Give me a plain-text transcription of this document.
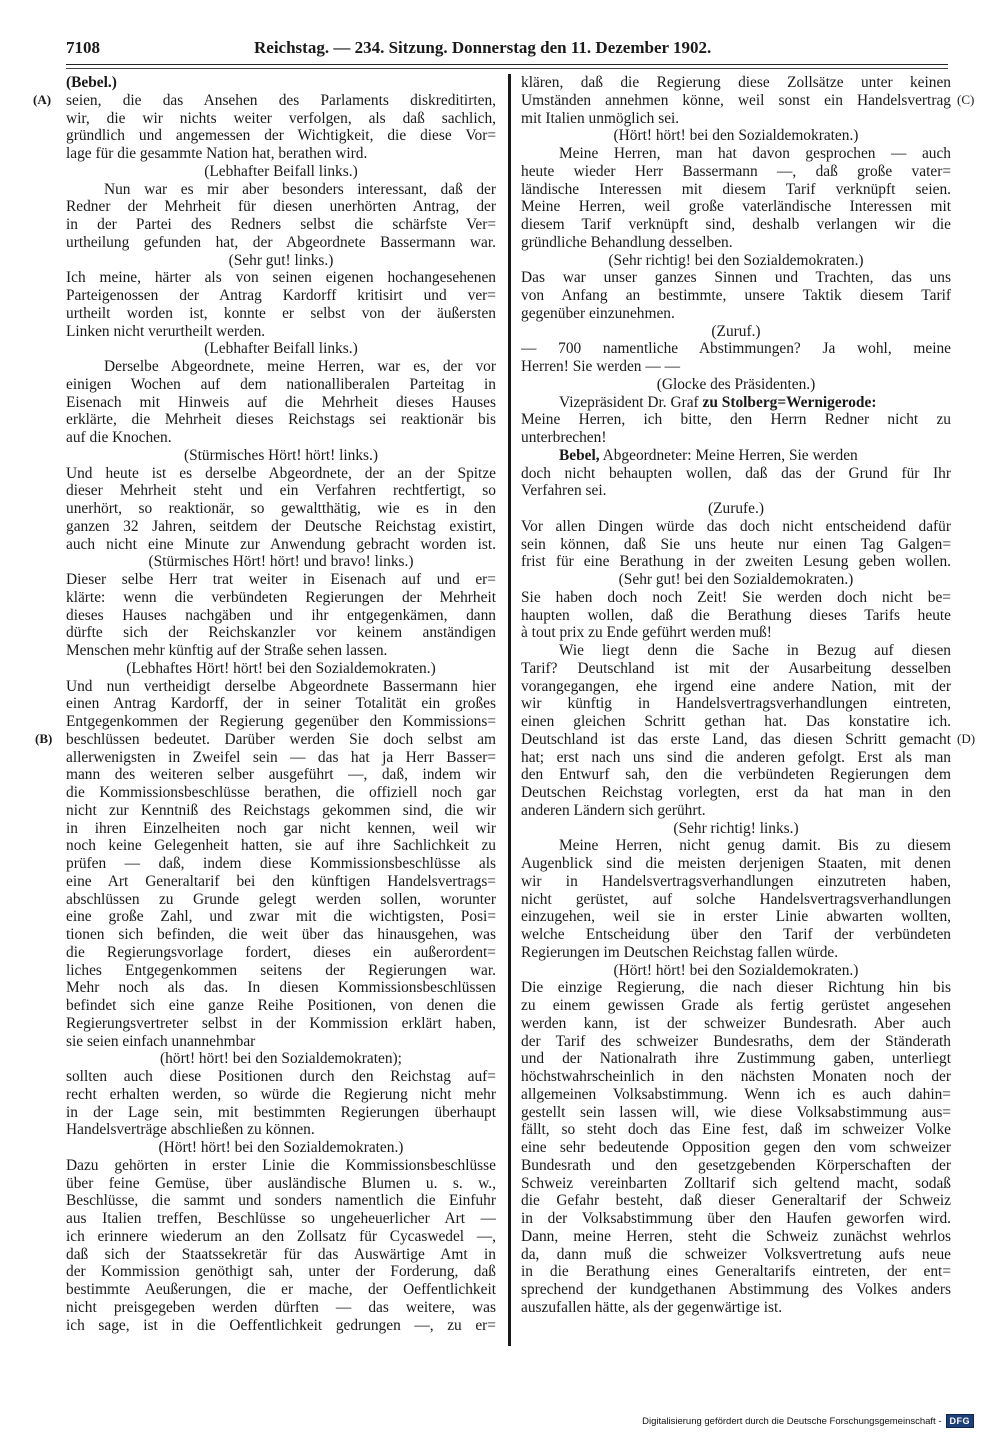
7108	Reichstag. — 234. Sitzung. Donnerstag den 11. Dezember 1902.
(Bebel.)
seien, die das Ansehen des Parlaments diskreditirten,
wir, die wir nichts weiter verfolgen, als daß sachlich,
gründlich und angemessen der Wichtigkeit, die diese Vor=
lage für die gesammte Nation hat, berathen wird.
(Lebhafter Beifall links.)
Nun war es mir aber besonders interessant, daß der
Redner der Mehrheit für diesen unerhörten Antrag, der
in der Partei des Redners selbst die schärfste Ver=
urtheilung gefunden hat, der Abgeordnete Bassermann war.
(Sehr gut! links.)
Ich meine, härter als von seinen eigenen hochangesehenen
Parteigenossen der Antrag Kardorff kritisirt und ver=
urtheilt worden ist, konnte er selbst von der äußersten
Linken nicht verurtheilt werden.
(Lebhafter Beifall links.)
Derselbe Abgeordnete, meine Herren, war es, der vor
einigen Wochen auf dem nationalliberalen Parteitag in
Eisenach mit Hinweis auf die Mehrheit dieses Hauses
erklärte, die Mehrheit dieses Reichstags sei reaktionär bis
auf die Knochen.
(Stürmisches Hört! hört! links.)
Und heute ist es derselbe Abgeordnete, der an der Spitze
dieser Mehrheit steht und ein Verfahren rechtfertigt, so
unerhört, so reaktionär, so gewaltthätig, wie es in den
ganzen 32 Jahren, seitdem der Deutsche Reichstag existirt,
auch nicht eine Minute zur Anwendung gebracht worden ist.
(Stürmisches Hört! hört! und bravo! links.)
Dieser selbe Herr trat weiter in Eisenach auf und er=
klärte: wenn die verbündeten Regierungen der Mehrheit
dieses Hauses nachgäben und ihr entgegenkämen, dann
dürfte sich der Reichskanzler vor keinem anständigen
Menschen mehr künftig auf der Straße sehen lassen.
(Lebhaftes Hört! hört! bei den Sozialdemokraten.)
Und nun vertheidigt derselbe Abgeordnete Bassermann hier
einen Antrag Kardorff, der in seiner Totalität ein großes
Entgegenkommen der Regierung gegenüber den Kommissions=
beschlüssen bedeutet. Darüber werden Sie doch selbst am
allerwenigsten in Zweifel sein — das hat ja Herr Basser=
mann des weiteren selber ausgeführt —, daß, indem wir
die Kommissionsbeschlüsse berathen, die offiziell noch gar
nicht zur Kenntniß des Reichstags gekommen sind, die wir
in ihren Einzelheiten noch gar nicht kennen, weil wir
noch keine Gelegenheit hatten, sie auf ihre Sachlichkeit zu
prüfen — daß, indem diese Kommissionsbeschlüsse als
eine Art Generaltarif bei den künftigen Handelsvertrags=
abschlüssen zu Grunde gelegt werden sollen, worunter
eine große Zahl, und zwar mit die wichtigsten, Posi=
tionen sich befinden, die weit über das hinausgehen, was
die Regierungsvorlage fordert, dieses ein außerordent=
liches Entgegenkommen seitens der Regierungen war.
Mehr noch als das. In diesen Kommissionsbeschlüssen
befindet sich eine ganze Reihe Positionen, von denen die
Regierungsvertreter selbst in der Kommission erklärt haben,
sie seien einfach unannehmbar
(hört! hört! bei den Sozialdemokraten);
sollten auch diese Positionen durch den Reichstag auf=
recht erhalten werden, so würde die Regierung nicht mehr
in der Lage sein, mit bestimmten Regierungen überhaupt
Handelsverträge abschließen zu können.
(Hört! hört! bei den Sozialdemokraten.)
Dazu gehörten in erster Linie die Kommissionsbeschlüsse
über feine Gemüse, über ausländische Blumen u. s. w.,
Beschlüsse, die sammt und sonders namentlich die Einfuhr
aus Italien treffen, Beschlüsse so ungeheuerlicher Art —
ich erinnere wiederum an den Zollsatz für Cycaswedel —,
daß sich der Staatssekretär für das Auswärtige Amt in
der Kommission genöthigt sah, unter der Forderung, daß
bestimmte Aeußerungen, die er mache, der Oeffentlichkeit
nicht preisgegeben werden dürften — das weitere, was
ich sage, ist in die Oeffentlichkeit gedrungen —, zu er=
klären, daß die Regierung diese Zollsätze unter keinen
Umständen annehmen könne, weil sonst ein Handelsvertrag
mit Italien unmöglich sei.
(Hört! hört! bei den Sozialdemokraten.)
Meine Herren, man hat davon gesprochen — auch
heute wieder Herr Bassermann —, daß große vater=
ländische Interessen mit diesem Tarif verknüpft seien.
Meine Herren, weil große vaterländische Interessen mit
diesem Tarif verknüpft sind, deshalb verlangen wir die
gründliche Behandlung desselben.
(Sehr richtig! bei den Sozialdemokraten.)
Das war unser ganzes Sinnen und Trachten, das uns
von Anfang an bestimmte, unsere Taktik diesem Tarif
gegenüber einzunehmen.
(Zuruf.)
— 700 namentliche Abstimmungen? Ja wohl, meine
Herren! Sie werden — —
(Glocke des Präsidenten.)
Vizepräsident Dr. Graf zu Stolberg=Wernigerode:
Meine Herren, ich bitte, den Herrn Redner nicht zu
unterbrechen!
Bebel, Abgeordneter: Meine Herren, Sie werden
doch nicht behaupten wollen, daß das der Grund für Ihr
Verfahren sei.
(Zurufe.)
Vor allen Dingen würde das doch nicht entscheidend dafür
sein können, daß Sie uns heute nur einen Tag Galgen=
frist für eine Berathung in der zweiten Lesung geben wollen.
(Sehr gut! bei den Sozialdemokraten.)
Sie haben doch noch Zeit! Sie werden doch nicht be=
haupten wollen, daß die Berathung dieses Tarifs heute
à tout prix zu Ende geführt werden muß!
Wie liegt denn die Sache in Bezug auf diesen
Tarif? Deutschland ist mit der Ausarbeitung desselben
vorangegangen, ehe irgend eine andere Nation, mit der
wir künftig in Handelsvertragsverhandlungen eintreten,
einen gleichen Schritt gethan hat. Das konstatire ich.
Deutschland ist das erste Land, das diesen Schritt gemacht
hat; erst nach uns sind die anderen gefolgt. Erst als man
den Entwurf sah, den die verbündeten Regierungen dem
Deutschen Reichstag vorlegten, erst da hat man in den
anderen Ländern sich gerührt.
(Sehr richtig! links.)
Meine Herren, nicht genug damit. Bis zu diesem
Augenblick sind die meisten derjenigen Staaten, mit denen
wir in Handelsvertragsverhandlungen einzutreten haben,
nicht gerüstet, auf solche Handelsvertragsverhandlungen
einzugehen, weil sie in erster Linie abwarten wollten,
welche Entscheidung über den Tarif der verbündeten
Regierungen im Deutschen Reichstag fallen würde.
(Hört! hört! bei den Sozialdemokraten.)
Die einzige Regierung, die nach dieser Richtung hin bis
zu einem gewissen Grade als fertig gerüstet angesehen
werden kann, ist der schweizer Bundesrath. Aber auch
der Tarif des schweizer Bundesraths, dem der Ständerath
und der Nationalrath ihre Zustimmung gaben, unterliegt
höchstwahrscheinlich in den nächsten Monaten noch der
allgemeinen Volksabstimmung. Wenn ich es auch dahin=
gestellt sein lassen will, wie diese Volksabstimmung aus=
fällt, so steht doch das Eine fest, daß im schweizer Volke
eine sehr bedeutende Opposition gegen den vom schweizer
Bundesrath und den gesetzgebenden Körperschaften der
Schweiz vereinbarten Zolltarif sich geltend macht, sodaß
die Gefahr besteht, daß dieser Generaltarif der Schweiz
in der Volksabstimmung über den Haufen geworfen wird.
Dann, meine Herren, steht die Schweiz zunächst wehrlos
da, dann muß die schweizer Volksvertretung aufs neue
in die Berathung eines Generaltarifs eintreten, der ent=
sprechend der kundgethanen Abstimmung des Volkes anders
auszufallen hätte, als der gegenwärtige ist.
(A)
(B)
(C)
(D)
Digitalisierung gefördert durch die Deutsche Forschungsgemeinschaft - DFG
